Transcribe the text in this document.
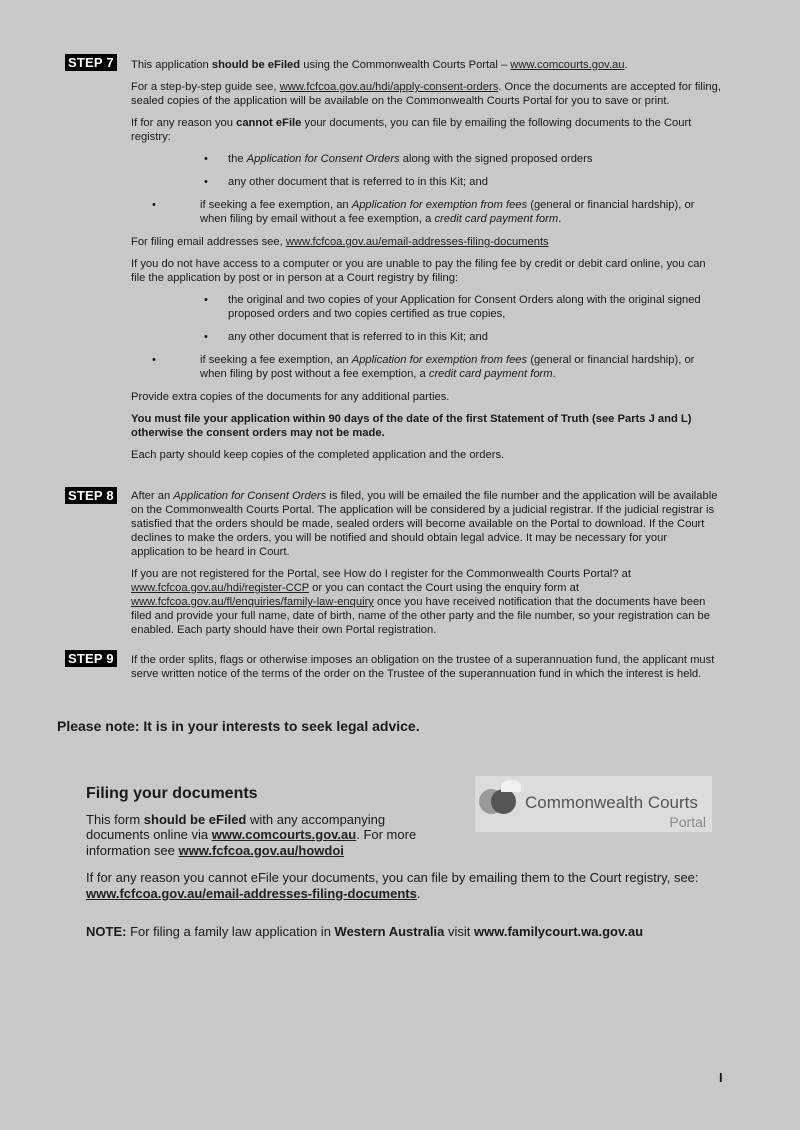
STEP 7 This application should be eFiled using the Commonwealth Courts Portal – www.comcourts.gov.au.

For a step-by-step guide see, www.fcfcoa.gov.au/hdi/apply-consent-orders. Once the documents are accepted for filing, sealed copies of the application will be available on the Commonwealth Courts Portal for you to save or print.

If for any reason you cannot eFile your documents, you can file by emailing the following documents to the Court registry:

• the Application for Consent Orders along with the signed proposed orders
• any other document that is referred to in this Kit; and
•	if seeking a fee exemption, an Application for exemption from fees (general or financial hardship), or when filing by email without a fee exemption, a credit card payment form.

For filing email addresses see, www.fcfcoa.gov.au/email-addresses-filing-documents

If you do not have access to a computer or you are unable to pay the filing fee by credit or debit card online, you can file the application by post or in person at a Court registry by filing:

• the original and two copies of your Application for Consent Orders along with the original signed proposed orders and two copies certified as true copies,
• any other document that is referred to in this Kit; and
•	if seeking a fee exemption, an Application for exemption from fees (general or financial hardship), or when filing by post without a fee exemption, a credit card payment form.

Provide extra copies of the documents for any additional parties.

You must file your application within 90 days of the date of the first Statement of Truth (see Parts J and L) otherwise the consent orders may not be made.

Each party should keep copies of the completed application and the orders.

STEP 8 After an Application for Consent Orders is filed, you will be emailed the file number and the application will be available on the Commonwealth Courts Portal. The application will be considered by a judicial registrar. If the judicial registrar is satisfied that the orders should be made, sealed orders will become available on the Portal to download. If the Court declines to make the orders, you will be notified and should obtain legal advice. It may be necessary for your application to be heard in Court.

If you are not registered for the Portal, see How do I register for the Commonwealth Courts Portal? at www.fcfcoa.gov.au/hdi/register-CCP or you can contact the Court using the enquiry form at www.fcfcoa.gov.au/fl/enquiries/family-law-enquiry once you have received notification that the documents have been filed and provide your full name, date of birth, name of the other party and the file number, so your registration can be enabled. Each party should have their own Portal registration.

STEP 9 If the order splits, flags or otherwise imposes an obligation on the trustee of a superannuation fund, the applicant must serve written notice of the terms of the order on the Trustee of the superannuation fund in which the interest is held.

Please note: It is in your interests to seek legal advice.
Commonwealth Courts
Portal
Filing your documents

This form should be eFiled with any accompanying documents online via www.comcourts.gov.au. For more information see www.fcfcoa.gov.au/howdoi

If for any reason you cannot eFile your documents, you can file by emailing them to the Court registry, see: www.fcfcoa.gov.au/email-addresses-filing-documents.

NOTE: For filing a family law application in Western Australia visit www.familycourt.wa.gov.au
I
